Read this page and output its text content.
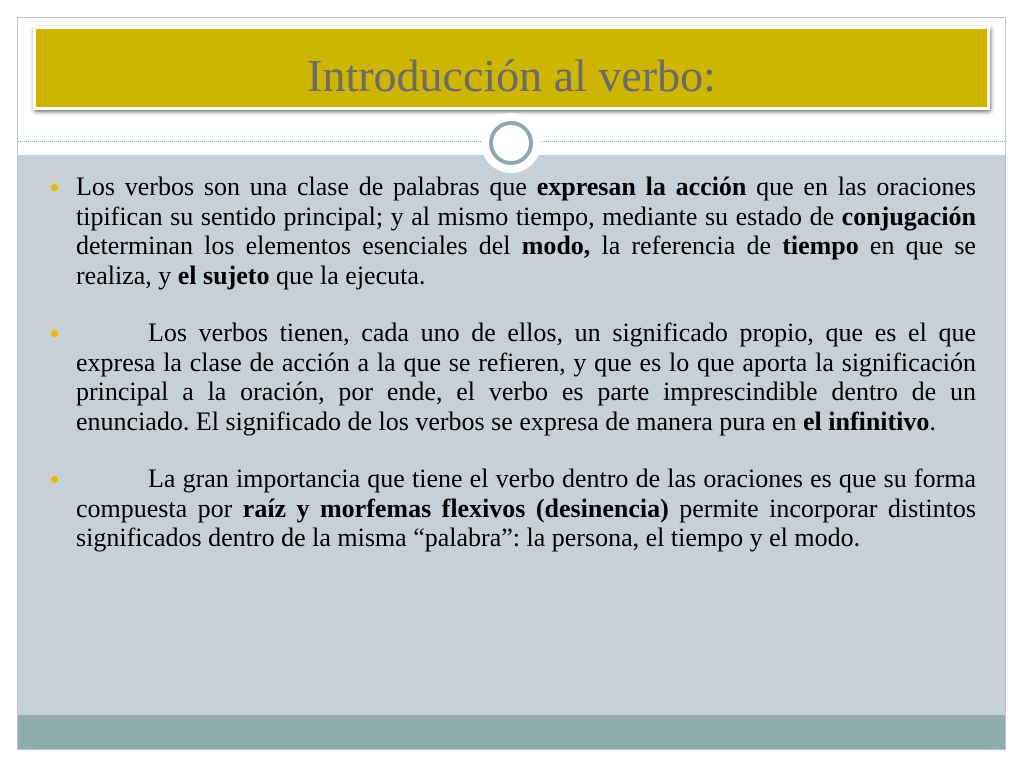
Introducción al verbo:
Los verbos son una clase de palabras que expresan la acción que en las oraciones tipifican su sentido principal; y al mismo tiempo, mediante su estado de conjugación determinan los elementos esenciales del modo, la referencia de tiempo en que se realiza, y el sujeto que la ejecuta.
Los verbos tienen, cada uno de ellos, un significado propio, que es el que expresa la clase de acción a la que se refieren, y que es lo que aporta la significación principal a la oración, por ende, el verbo es parte imprescindible dentro de un enunciado. El significado de los verbos se expresa de manera pura en el infinitivo.
La gran importancia que tiene el verbo dentro de las oraciones es que su forma compuesta por raíz y morfemas flexivos (desinencia) permite incorporar distintos significados dentro de la misma “palabra”: la persona, el tiempo y el modo.
